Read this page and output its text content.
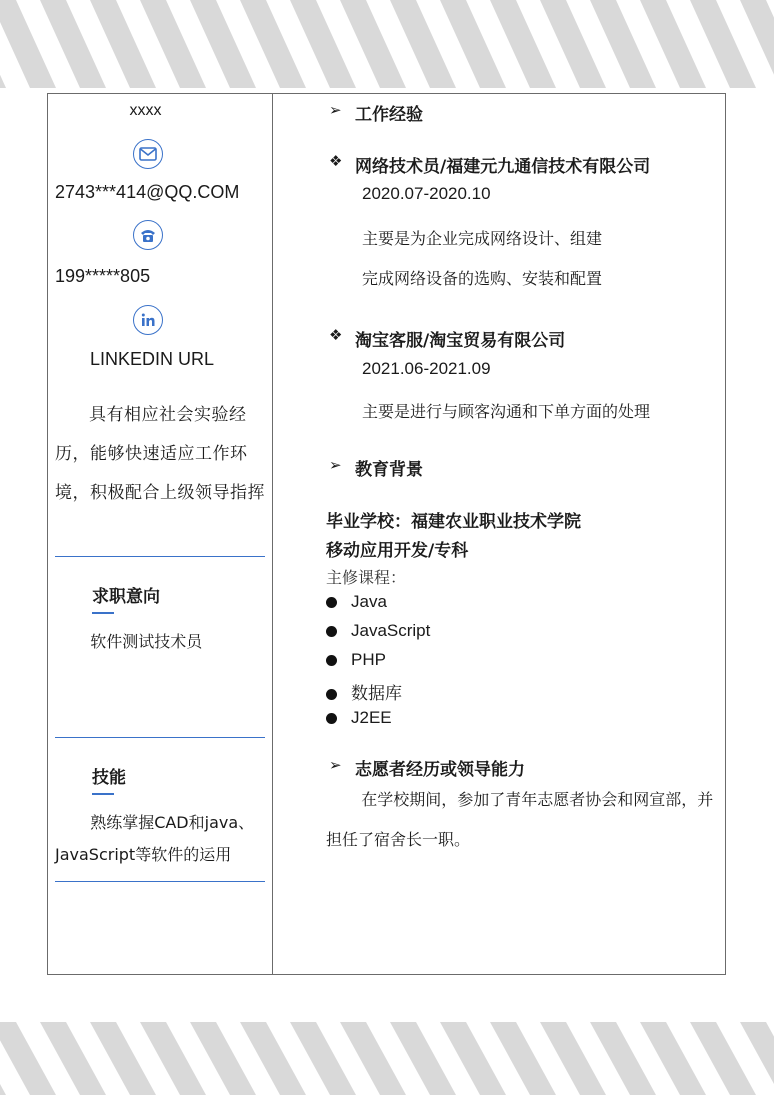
xxxx
2743***414@QQ.COM
199*****805
LINKEDIN URL
具有相应社会实验经历，能够快速适应工作环境，积极配合上级领导指挥
求职意向
软件测试技术员
技能
熟练掌握CAD和java、JavaScript等软件的运用
➢ 工作经验
❖ 网络技术员/福建元九通信技术有限公司
2020.07-2020.10
主要是为企业完成网络设计、组建
完成网络设备的选购、安装和配置
❖ 淘宝客服/淘宝贸易有限公司
2021.06-2021.09
主要是进行与顾客沟通和下单方面的处理
➢ 教育背景
毕业学校：福建农业职业技术学院
移动应用开发/专科
主修课程：
Java
JavaScript
PHP
数据库
J2EE
➢ 志愿者经历或领导能力
在学校期间，参加了青年志愿者协会和网宣部，并担任了宿舍长一职。
